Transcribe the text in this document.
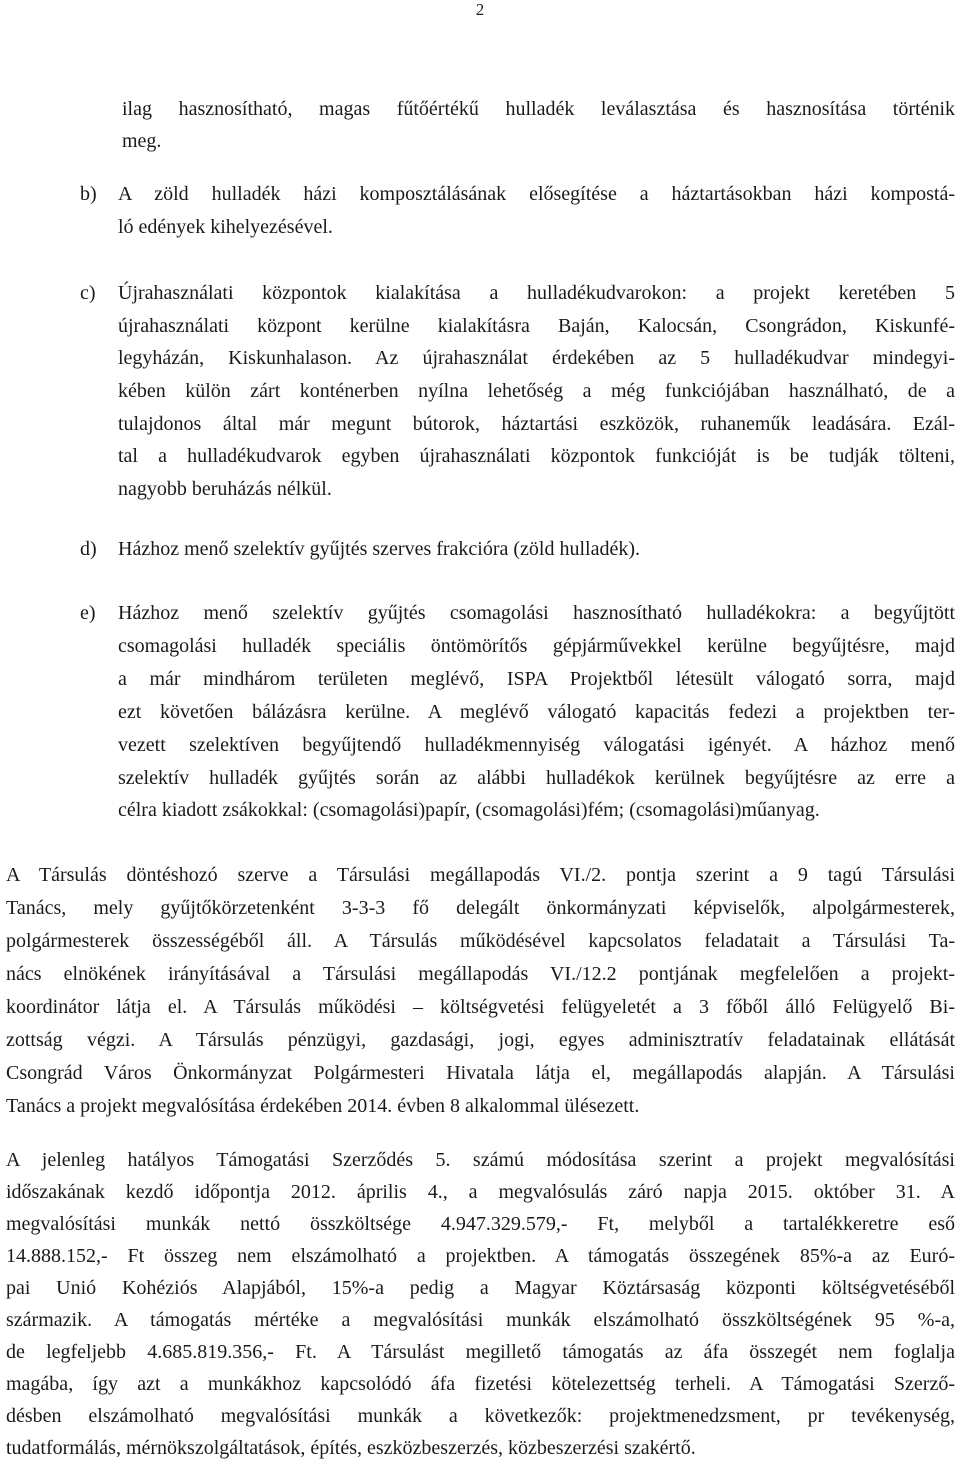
2
ilag hasznosítható, magas fűtőértékű hulladék leválasztása és hasznosítása történik
meg.
b) A zöld hulladék házi komposztálásának elősegítése a háztartásokban házi kompostá-
ló edények kihelyezésével.
c) Újrahasználati központok kialakítása a hulladékudvarokon: a projekt keretében 5
újrahasználati központ kerülne kialakításra Baján, Kalocsán, Csongrádon, Kiskunfé-
legyházán, Kiskunhalason. Az újrahasználat érdekében az 5 hulladékudvar mindegyi-
kében külön zárt konténerben nyílna lehetőség a még funkciójában használható, de a
tulajdonos által már megunt bútorok, háztartási eszközök, ruhaneműk leadására. Ezál-
tal a hulladékudvarok egyben újrahasználati központok funkcióját is be tudják tölteni,
nagyobb beruházás nélkül.
d) Házhoz menő szelektív gyűjtés szerves frakcióra (zöld hulladék).
e) Házhoz menő szelektív gyűjtés csomagolási hasznosítható hulladékokra: a begyűjtött
csomagolási hulladék speciális öntömörítős gépjárművekkel kerülne begyűjtésre, majd
a már mindhárom területen meglévő, ISPA Projektből létesült válogató sorra, majd
ezt követően bálázásra kerülne. A meglévő válogató kapacitás fedezi a projektben ter-
vezett szelektíven begyűjtendő hulladékmennyiség válogatási igényét. A házhoz menő
szelektív hulladék gyűjtés során az alábbi hulladékok kerülnek begyűjtésre az erre a
célra kiadott zsákokkal: (csomagolási)papír, (csomagolási)fém; (csomagolási)műanyag.
A Társulás döntéshozó szerve a Társulási megállapodás VI./2. pontja szerint a 9 tagú Társulási
Tanács, mely gyűjtőkörzetenként 3-3-3 fő delegált önkormányzati képviselők, alpolgármesterek,
polgármesterek összességéből áll. A Társulás működésével kapcsolatos feladatait a Társulási Ta-
nács elnökének irányításával a Társulási megállapodás VI./12.2 pontjának megfelelően a projekt-
koordinátor látja el. A Társulás működési – költségvetési felügyeletét a 3 főből álló Felügyelő Bi-
zottság végzi. A Társulás pénzügyi, gazdasági, jogi, egyes adminisztratív feladatainak ellátását
Csongrád Város Önkormányzat Polgármesteri Hivatala látja el, megállapodás alapján. A Társulási
Tanács a projekt megvalósítása érdekében 2014. évben 8 alkalommal ülésezett.
A jelenleg hatályos Támogatási Szerződés 5. számú módosítása szerint a projekt megvalósítási
időszakának kezdő időpontja 2012. április 4., a megvalósulás záró napja 2015. október 31. A
megvalósítási munkák nettó összköltsége 4.947.329.579,- Ft, melyből a tartalékkeretre eső
14.888.152,- Ft összeg nem elszámolható a projektben. A támogatás összegének 85%-a az Euró-
pai Unió Kohéziós Alapjából, 15%-a pedig a Magyar Köztársaság központi költségvetéséből
származik. A támogatás mértéke a megvalósítási munkák elszámolható összköltségének 95 %-a,
de legfeljebb 4.685.819.356,- Ft. A Társulást megillető támogatás az áfa összegét nem foglalja
magába, így azt a munkákhoz kapcsolódó áfa fizetési kötelezettség terheli. A Támogatási Szerző-
désben elszámolható megvalósítási munkák a következők: projektmenedzsment, pr tevékenység,
tudatformálás, mérnökszolgáltatások, építés, eszközbeszerzés, közbeszerzési szakértő.
